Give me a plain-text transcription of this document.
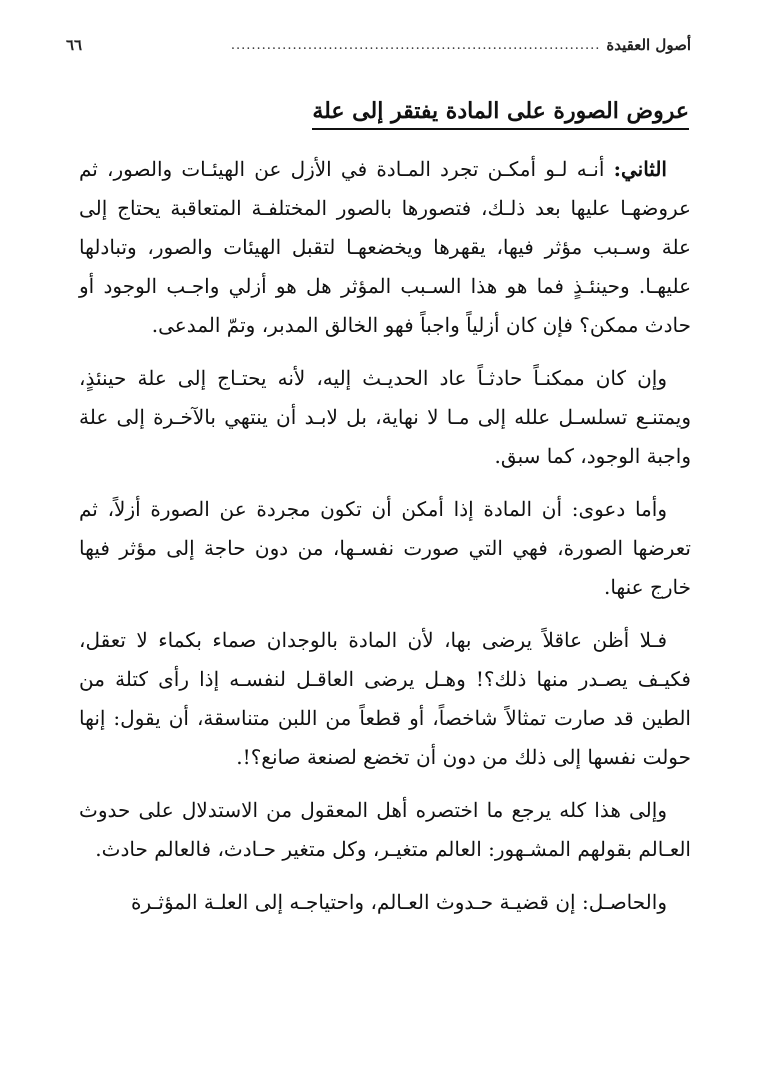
أصول العقيدة
........................................................................
٦٦
عروض الصورة على المادة يفتقر إلى علة

الثاني: أنـه لـو أمكـن تجرد المـادة في الأزل عن الهيئـات والصور، ثم عروضهـا عليها بعد ذلـك، فتصورها بالصور المختلفـة المتعاقبة يحتاج إلى علة وسـبب مؤثر فيها، يقهرها ويخضعهـا لتقبل الهيئات والصور، وتبادلها عليهـا. وحينئـذٍ فما هو هذا السـبب المؤثر هل هو أزلي واجـب الوجود أو حادث ممكن؟ فإن كان أزلياً واجباً فهو الخالق المدبر، وتمّ المدعى.

وإن كان ممكنـاً حادثـاً عاد الحديـث إليه، لأنه يحتـاج إلى علة حينئذٍ، ويمتنـع تسلسـل علله إلى مـا لا نهاية، بل لابـد أن ينتهي بالآخـرة إلى علة واجبة الوجود، كما سبق.

وأما دعوى: أن المادة إذا أمكن أن تكون مجردة عن الصورة أزلاً، ثم تعرضها الصورة، فهي التي صورت نفسـها، من دون حاجة إلى مؤثر فيها خارج عنها.

فـلا أظن عاقلاً يرضى بها، لأن المادة بالوجدان صماء بكماء لا تعقل، فكيـف يصـدر منها ذلك؟! وهـل يرضى العاقـل لنفسـه إذا رأى كتلة من الطين قد صارت تمثالاً شاخصاً، أو قطعاً من اللبن متناسقة، أن يقول: إنها حولت نفسها إلى ذلك من دون أن تخضع لصنعة صانع؟!.

وإلى هذا كله يرجع ما اختصره أهل المعقول من الاستدلال على حدوث العـالم بقولهم المشـهور: العالم متغيـر، وكل متغير حـادث، فالعالم حادث.

والحاصـل: إن قضيـة حـدوث العـالم، واحتياجـه إلى العلـة المؤثـرة
